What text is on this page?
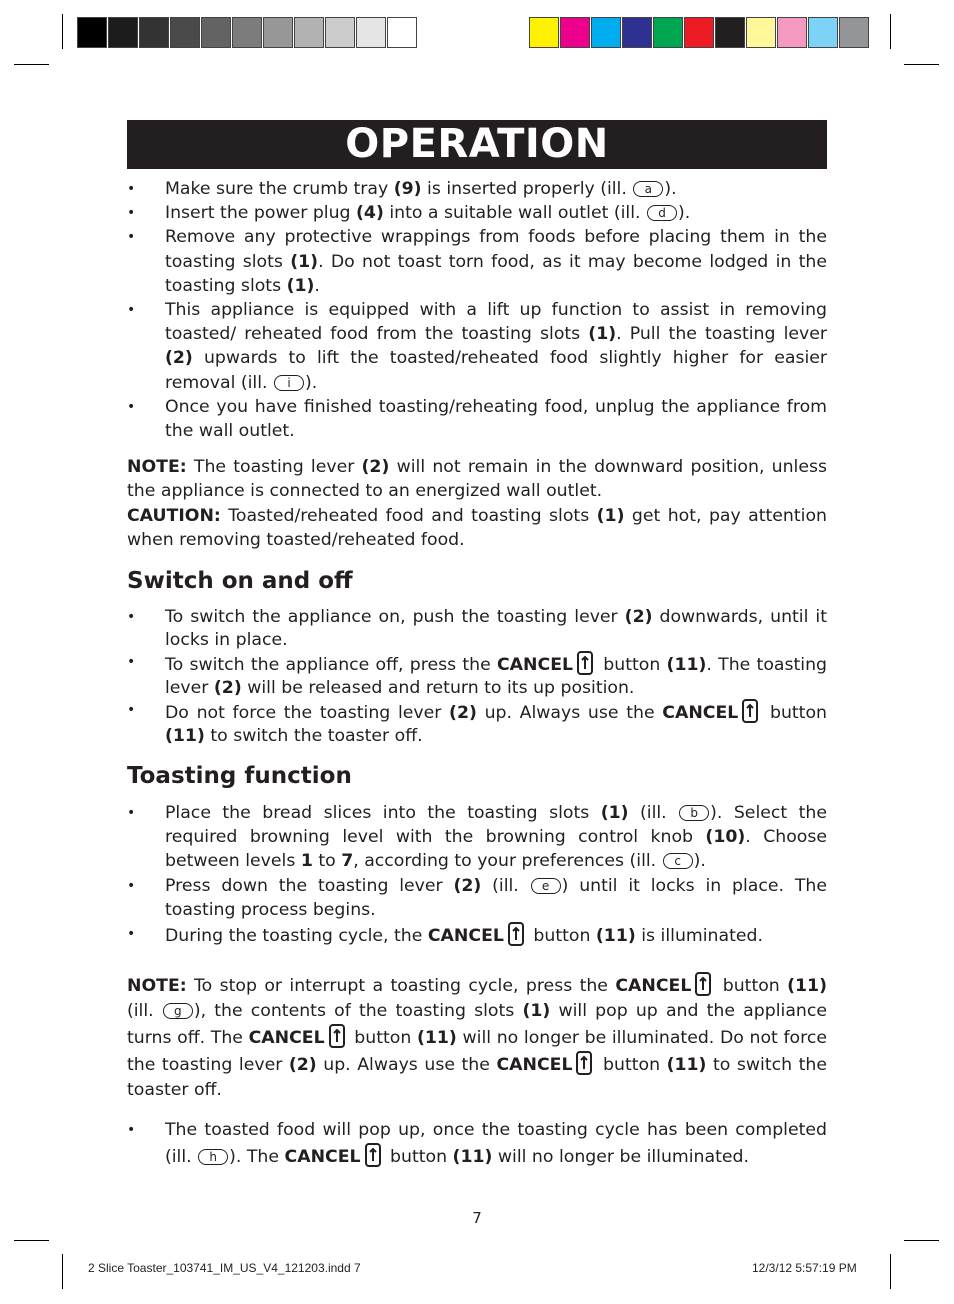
OPERATION
• Make sure the crumb tray (9) is inserted properly (ill. a ).
• Insert the power plug (4) into a suitable wall outlet (ill. d ).
• Remove any protective wrappings from foods before placing them in the toasting slots (1). Do not toast torn food, as it may become lodged in the toasting slots (1).
• This appliance is equipped with a lift up function to assist in removing toasted/ reheated food from the toasting slots (1). Pull the toasting lever (2) upwards to lift the toasted/reheated food slightly higher for easier removal (ill. i ).
• Once you have finished toasting/reheating food, unplug the appliance from the wall outlet.

NOTE: The toasting lever (2) will not remain in the downward position, unless the appliance is connected to an energized wall outlet.

CAUTION: Toasted/reheated food and toasting slots (1) get hot, pay attention when removing toasted/reheated food.

Switch on and off
• To switch the appliance on, push the toasting lever (2) downwards, until it locks in place.
• To switch the appliance off, press the CANCEL
button (11). The toasting lever (2) will be released and return to its up position.
• Do not force the toasting lever (2) up. Always use the CANCEL
button (11) to switch the toaster off.
Toasting function
• Place the bread slices into the toasting slots (1) (ill. b ). Select the required browning level with the browning control knob (10). Choose between levels 1 to 7, according to your preferences (ill. c ).
• Press down the toasting lever (2) (ill. e ) until it locks in place. The toasting process begins.
• During the toasting cycle, the CANCEL
button (11) is illuminated.

NOTE: To stop or interrupt a toasting cycle, press the CANCEL
button (11) (ill. g ), the contents of the toasting slots (1) will pop up and the appliance turns off. The CANCEL
button (11) will no longer be illuminated. Do not force the toasting lever (2) up. Always use the CANCEL
button (11) to switch the toaster off.

• The toasted food will pop up, once the toasting cycle has been completed (ill. h ). The CANCEL
button (11) will no longer be illuminated.
7
2 Slice Toaster_103741_IM_US_V4_121203.indd 7	12/3/12 5:57:19 PM
